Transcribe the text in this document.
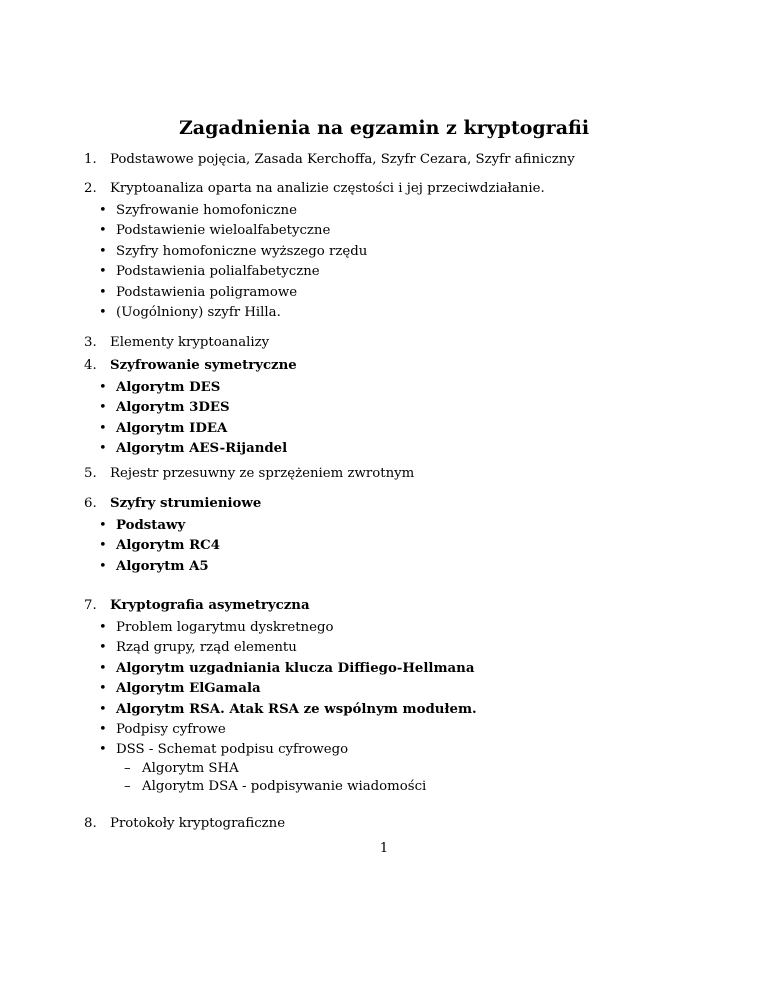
Zagadnienia na egzamin z kryptografii
1. Podstawowe pojęcia, Zasada Kerchoffa, Szyfr Cezara, Szyfr afiniczny
2. Kryptoanaliza oparta na analizie częstości i jej przeciwdziałanie.
• Szyfrowanie homofoniczne
• Podstawienie wieloalfabetyczne
• Szyfry homofoniczne wyższego rzędu
• Podstawienia polialfabetyczne
• Podstawienia poligramowe
• (Uogólniony) szyfr Hilla.
3. Elementy kryptoanalizy
4. Szyfrowanie symetryczne
• Algorytm DES
• Algorytm 3DES
• Algorytm IDEA
• Algorytm AES-Rijandel
5. Rejestr przesuwny ze sprzężeniem zwrotnym
6. Szyfry strumieniowe
• Podstawy
• Algorytm RC4
• Algorytm A5
7. Kryptografia asymetryczna
• Problem logarytmu dyskretnego
• Rząd grupy, rząd elementu
• Algorytm uzgadniania klucza Diffiego-Hellmana
• Algorytm ElGamala
• Algorytm RSA. Atak RSA ze wspólnym modułem.
• Podpisy cyfrowe
• DSS - Schemat podpisu cyfrowego
– Algorytm SHA
– Algorytm DSA - podpisywanie wiadomości
8. Protokoły kryptograficzne
1
